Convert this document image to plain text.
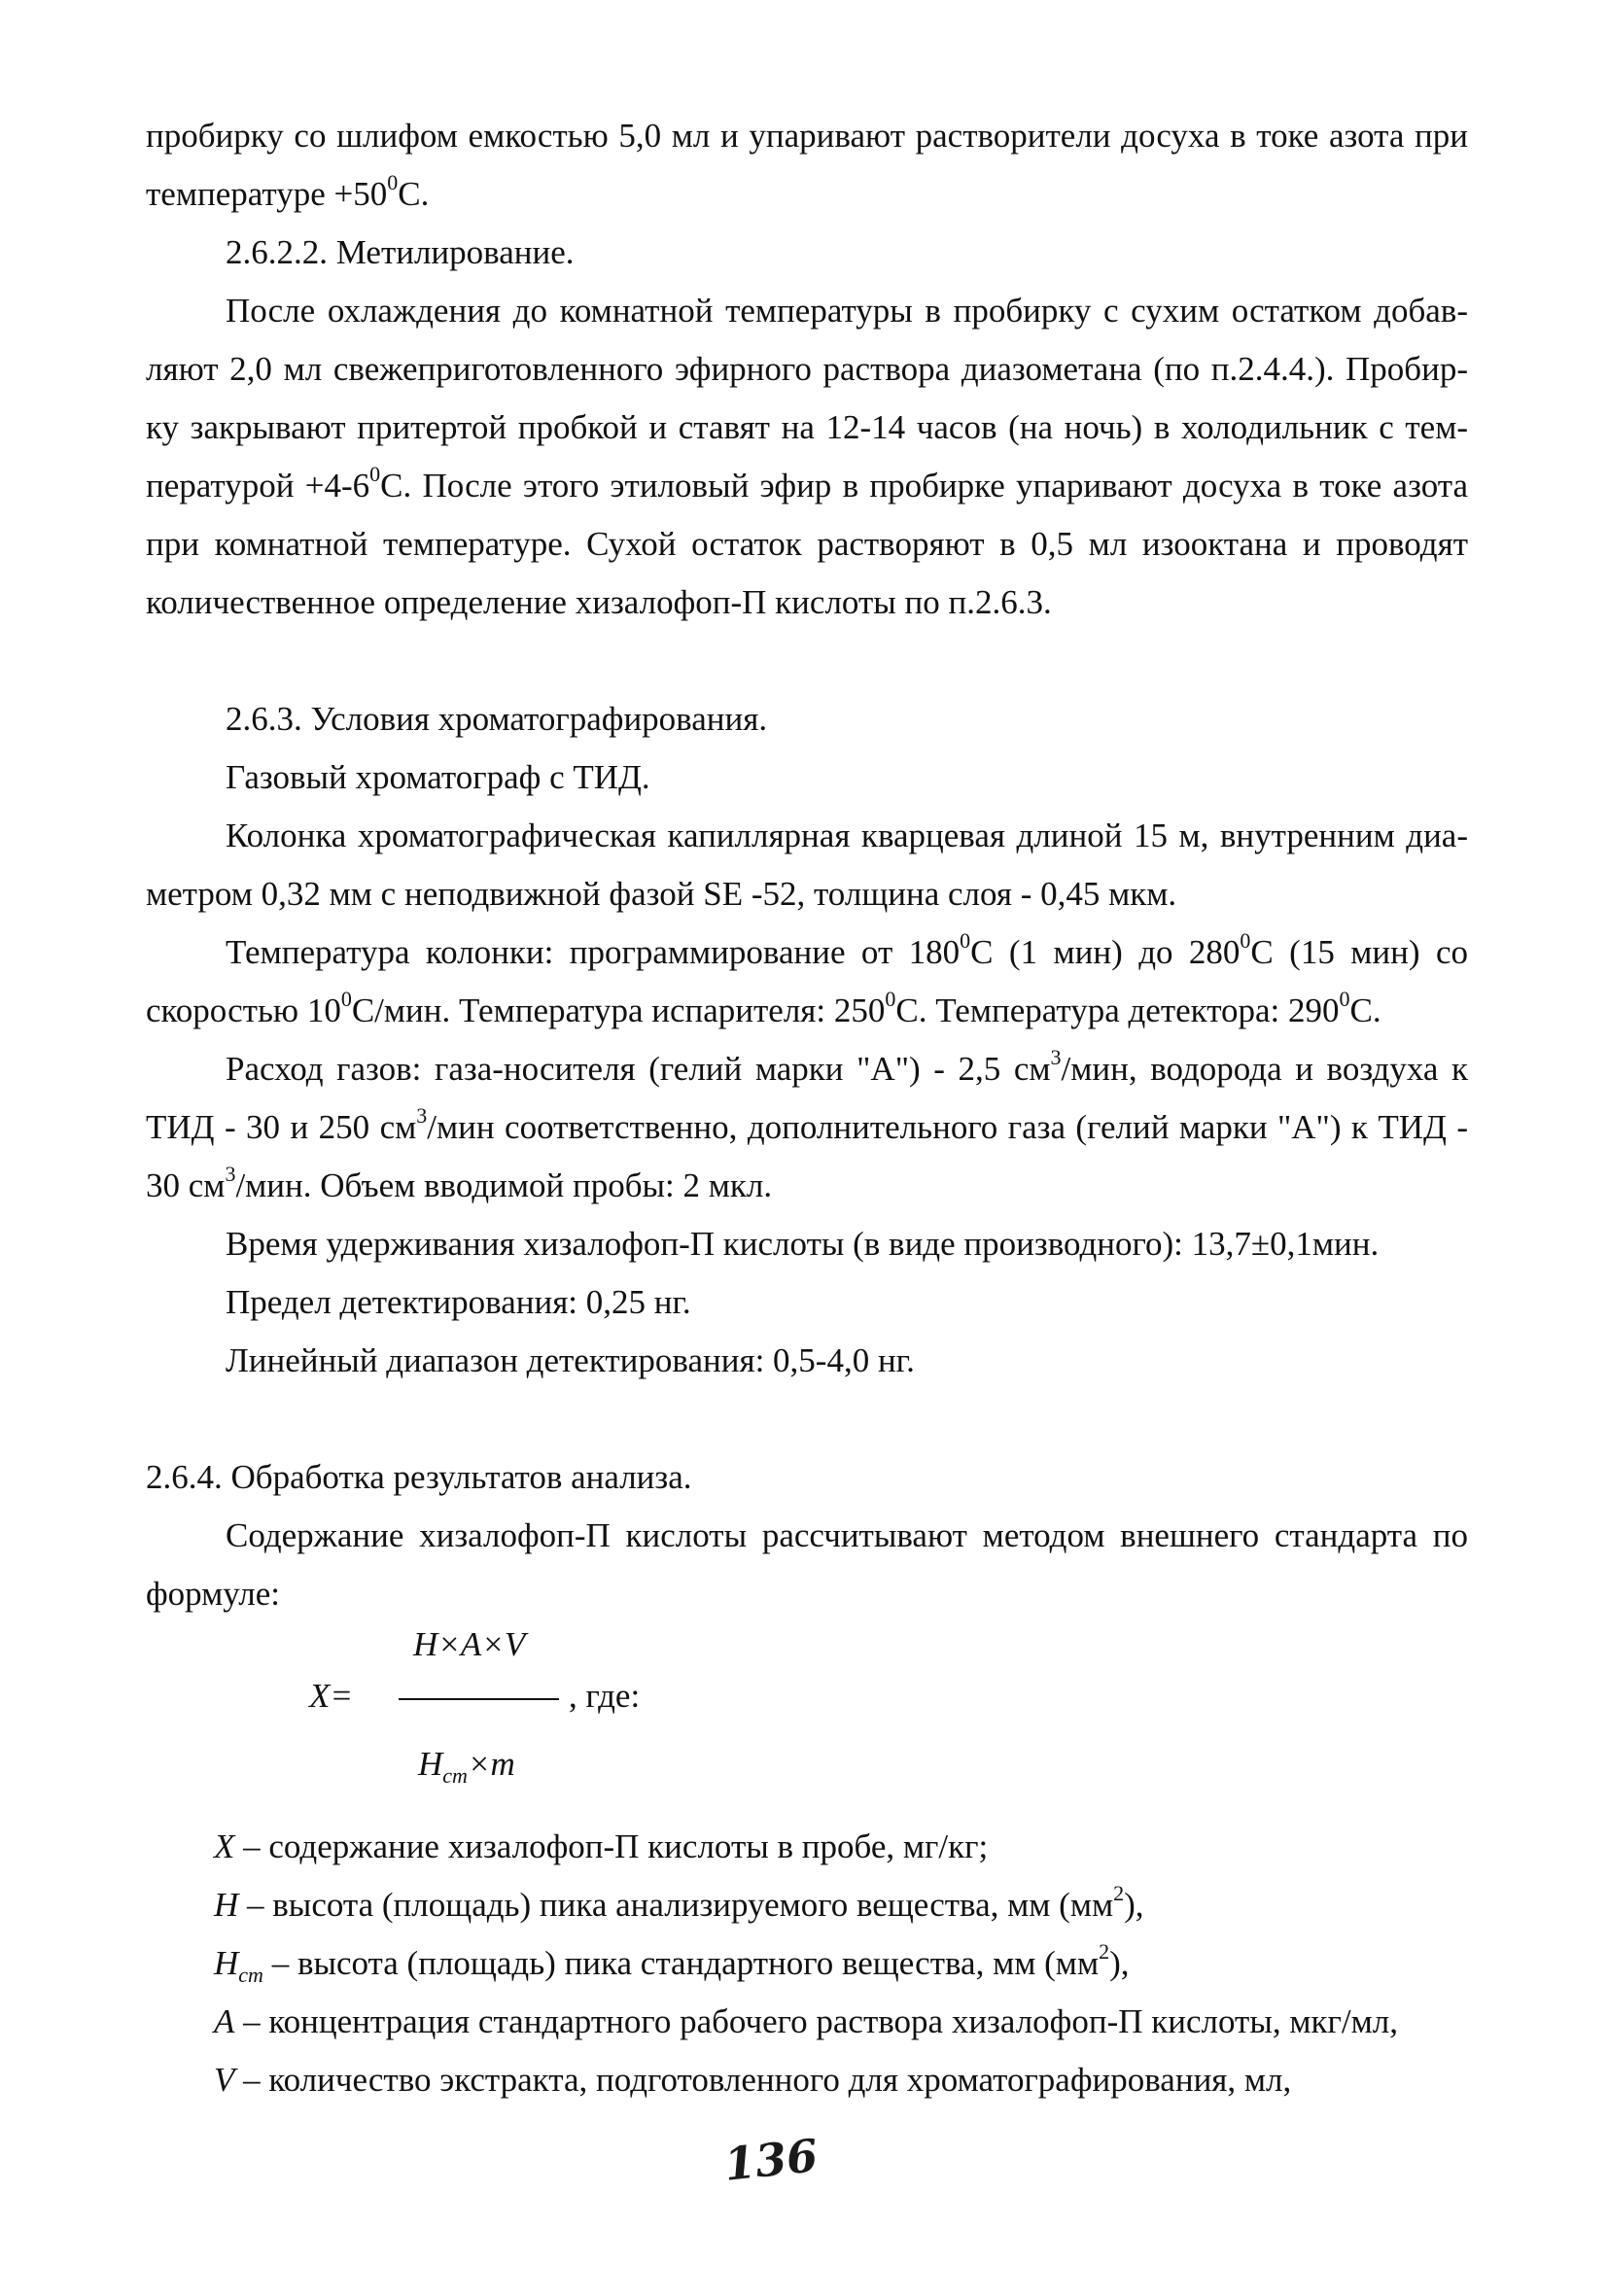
пробирку со шлифом емкостью 5,0 мл и упаривают растворители досуха в токе азота при
температуре $+50^0С$.
2.6.2.2. Метилирование.
После охлаждения до комнатной температуры в пробирку с сухим остатком добав-
ляют 2,0 мл свежеприготовленного эфирного раствора диазометана (по п.2.4.4.). Пробир-
ку закрывают притертой пробкой и ставят на 12-14 часов (на ночь) в холодильник с тем-
пературой $+4-6^0С$. После этого этиловый эфир в пробирке упаривают досуха в токе азота
при комнатной температуре. Сухой остаток растворяют в 0,5 мл изооктана и проводят
количественное определение хизалофоп-П кислоты по п.2.6.3.
2.6.3. Условия хроматографирования.
Газовый хроматограф с ТИД.
Колонка хроматографическая капиллярная кварцевая длиной 15 м, внутренним диа-
метром 0,32 мм с неподвижной фазой SE -52, толщина слоя - 0,45 мкм.
Температура колонки: программирование от $180^0С$ (1 мин) до $280^0С$ (15 мин) со
скоростью $10^0С$/мин. Температура испарителя: $250^0С$. Температура детектора: $290^0С$.
Расход газов: газа-носителя (гелий марки "А") - 2,5 $см^3$/мин, водорода и воздуха к
ТИД - 30 и 250 $см^3$/мин соответственно, дополнительного газа (гелий марки "А") к ТИД -
30 $см^3$/мин. Объем вводимой пробы: 2 мкл.
Время удерживания хизалофоп-П кислоты (в виде производного): 13,7±0,1мин.
Предел детектирования: 0,25 нг.
Линейный диапазон детектирования: 0,5-4,0 нг.
2.6.4. Обработка результатов анализа.
Содержание хизалофоп-П кислоты рассчитывают методом внешнего стандарта по
формуле:
H×A×V
X=	, где:
$H_{cm}\times m$
X – содержание хизалофоп-П кислоты в пробе, мг/кг;
H – высота (площадь) пика анализируемого вещества, мм $(мм^2)$,
$H_{cm}$ – высота (площадь) пика стандартного вещества, мм $(мм^2)$,
A – концентрация стандартного рабочего раствора хизалофоп-П кислоты, мкг/мл,
V – количество экстракта, подготовленного для хроматографирования, мл,
136
